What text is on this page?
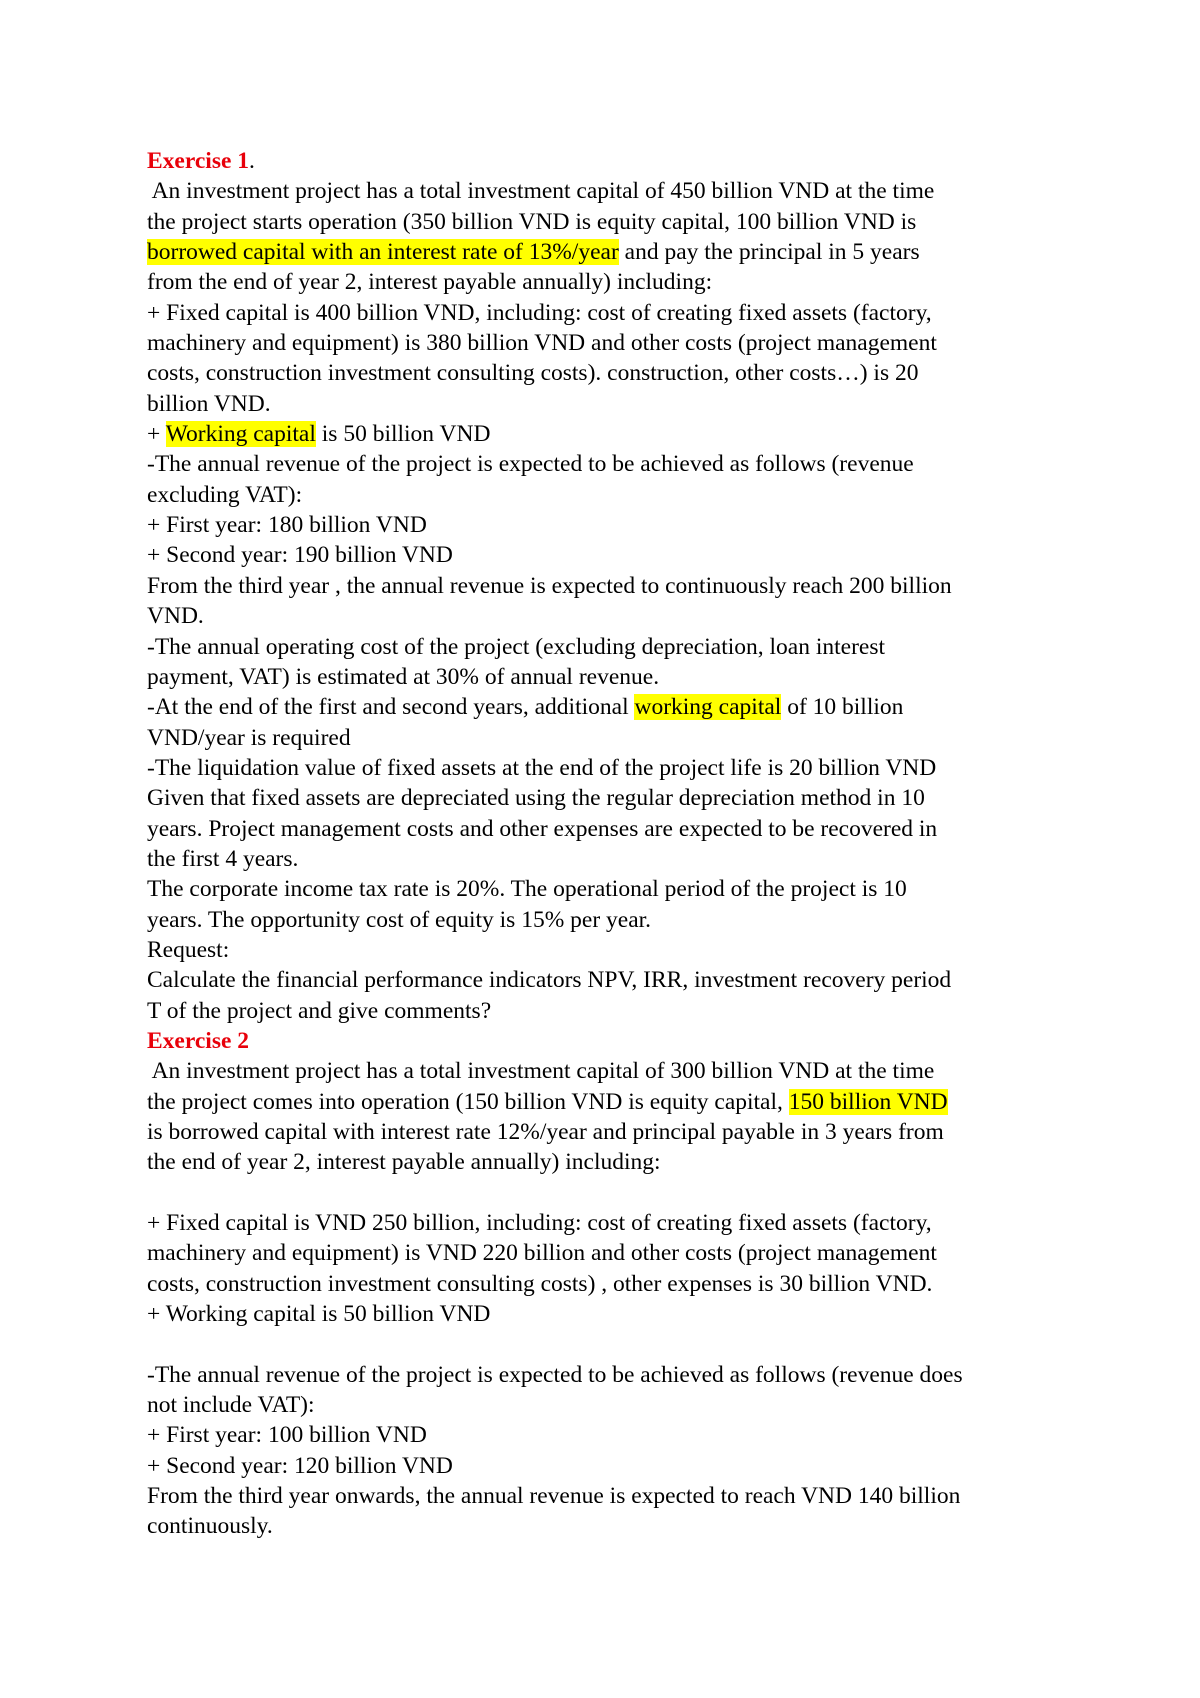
Exercise 1.
An investment project has a total investment capital of 450 billion VND at the time
the project starts operation (350 billion VND is equity capital, 100 billion VND is
borrowed capital with an interest rate of 13%/year and pay the principal in 5 years
from the end of year 2, interest payable annually) including:
+ Fixed capital is 400 billion VND, including: cost of creating fixed assets (factory,
machinery and equipment) is 380 billion VND and other costs (project management
costs, construction investment consulting costs). construction, other costs…) is 20
billion VND.
+ Working capital is 50 billion VND
-The annual revenue of the project is expected to be achieved as follows (revenue
excluding VAT):
+ First year: 180 billion VND
+ Second year: 190 billion VND
From the third year , the annual revenue is expected to continuously reach 200 billion
VND.
-The annual operating cost of the project (excluding depreciation, loan interest
payment, VAT) is estimated at 30% of annual revenue.
-At the end of the first and second years, additional working capital of 10 billion
VND/year is required
-The liquidation value of fixed assets at the end of the project life is 20 billion VND
Given that fixed assets are depreciated using the regular depreciation method in 10
years. Project management costs and other expenses are expected to be recovered in
the first 4 years.
The corporate income tax rate is 20%. The operational period of the project is 10
years. The opportunity cost of equity is 15% per year.
Request:
Calculate the financial performance indicators NPV, IRR, investment recovery period
T of the project and give comments?
Exercise 2
An investment project has a total investment capital of 300 billion VND at the time
the project comes into operation (150 billion VND is equity capital, 150 billion VND
is borrowed capital with interest rate 12%/year and principal payable in 3 years from
the end of year 2, interest payable annually) including:
+ Fixed capital is VND 250 billion, including: cost of creating fixed assets (factory,
machinery and equipment) is VND 220 billion and other costs (project management
costs, construction investment consulting costs) , other expenses is 30 billion VND.
+ Working capital is 50 billion VND
-The annual revenue of the project is expected to be achieved as follows (revenue does
not include VAT):
+ First year: 100 billion VND
+ Second year: 120 billion VND
From the third year onwards, the annual revenue is expected to reach VND 140 billion
continuously.
